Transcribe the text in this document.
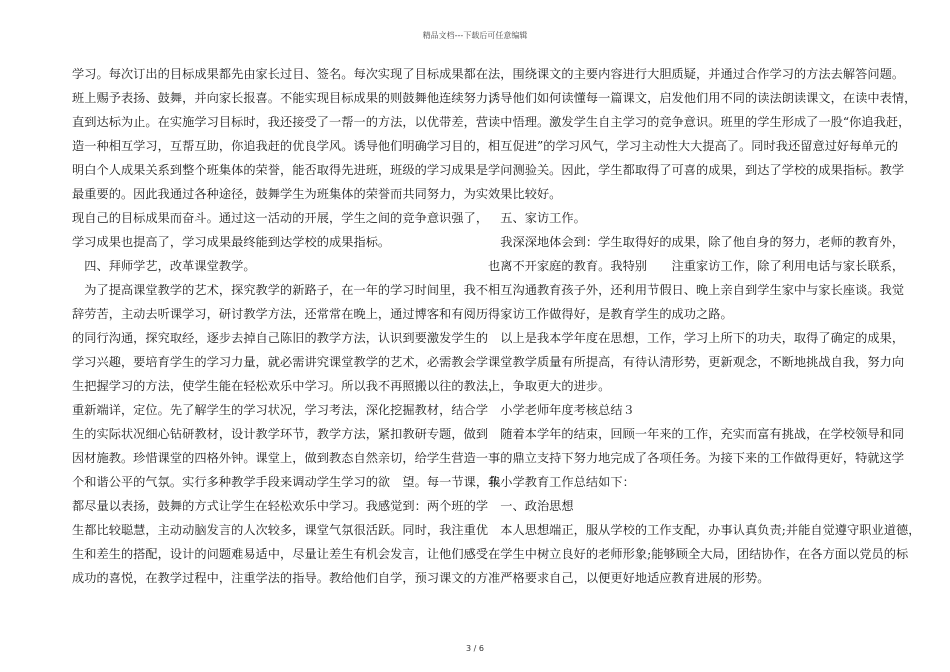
精品文档---下载后可任意编辑
学习。每次订出的目标成果都先由家长过目、签名。每次实现了目标成果都在
班上赐予表扬、鼓舞，并向家长报喜。不能实现目标成果的则鼓舞他连续努力，
直到达标为止。在实施学习目标时，我还接受了一帮一的方法，以优带差，营
造一种相互学习，互帮互助，你追我赶的优良学风。诱导他们明确学习目的，
明白个人成果关系到整个班集体的荣誉，能否取得先进班，班级的学习成果是
最重要的。因此我通过各种途径，鼓舞学生为班集体的荣誉而共同努力，为实
现自己的目标成果而奋斗。通过这一活动的开展，学生之间的竞争意识强了，
学习成果也提高了，学习成果最终能到达学校的成果指标。
　四、拜师学艺，改革课堂教学。
　为了提高课堂教学的艺术，探究教学的新路子，在一年的学习时间里，我不
辞劳苦，主动去听课学习，研讨教学方法，还常常在晚上，通过博客和有阅历
的同行沟通，探究取经，逐步去掉自己陈旧的教学方法，认识到要激发学生的
学习兴趣，要培育学生的学习力量，就必需讲究课堂教学的艺术，必需教会学
生把握学习的方法，使学生能在轻松欢乐中学习。所以我不再照搬以往的教法，
重新端详，定位。先了解学生的学习状况，学习考法，深化挖掘教材，结合学
生的实际状况细心钻研教材，设计教学环节，教学方法，紧扣教研专题，做到
因材施教。珍惜课堂的四格外钟。课堂上，做到教态自然亲切，给学生营造一
个和谐公平的气氛。实行多种教学手段来调动学生学习的欲　望。每一节课，我
都尽量以表扬，鼓舞的方式让学生在轻松欢乐中学习。我感觉到：两个班的学
生都比较聪慧，主动动脑发言的人次较多，课堂气氛很活跃。同时，我注重优
生和差生的搭配，设计的问题难易适中，尽量让差生有机会发言，让他们感受
成功的喜悦，在教学过程中，注重学法的指导。教给他们自学，预习课文的方
法，围绕课文的主要内容进行大胆质疑，并通过合作学习的方法去解答问题。
诱导他们如何读懂每一篇课文，启发他们用不同的读法朗读课文，在读中表情，
读中悟理。激发学生自主学习的竞争意识。班里的学生形成了一股“你追我赶，
相互促进”的学习风气，学习主动性大大提高了。同时我还留意过好每单元的
学问测验关。因此，学生都取得了可喜的成果，到达了学校的成果指标。教学
效果比较好。
　五、家访工作。
　我深深地体会到：学生取得好的成果，除了他自身的努力，老师的教育外，
也离不开家庭的教育。我特别　　注重家访工作，除了利用电话与家长联系，
相互沟通教育孩子外，还利用节假日、晚上亲自到学生家中与家长座谈。我觉
得家访工作做得好，是教育学生的成功之路。
　以上是我本学年度在思想，工作，学习上所下的功夫，取得了确定的成果，
课堂教学质量有所提高，有待认清形势，更新观念，不断地挑战自我，努力向
上，争取更大的进步。
　小学老师年度考核总结３
　随着本学年的结束，回顾一年来的工作，充实而富有挑战，在学校领导和同
事的鼎立支持下努力地完成了各项任务。为接下来的工作做得更好，特就这学
年小学教育工作总结如下：
　一、政治思想
　本人思想端正，服从学校的工作支配，办事认真负责;并能自觉遵守职业道德，
在学生中树立良好的老师形象;能够顾全大局，团结协作，在各方面以党员的标
准严格要求自己，以便更好地适应教育进展的形势。
3 / 6
